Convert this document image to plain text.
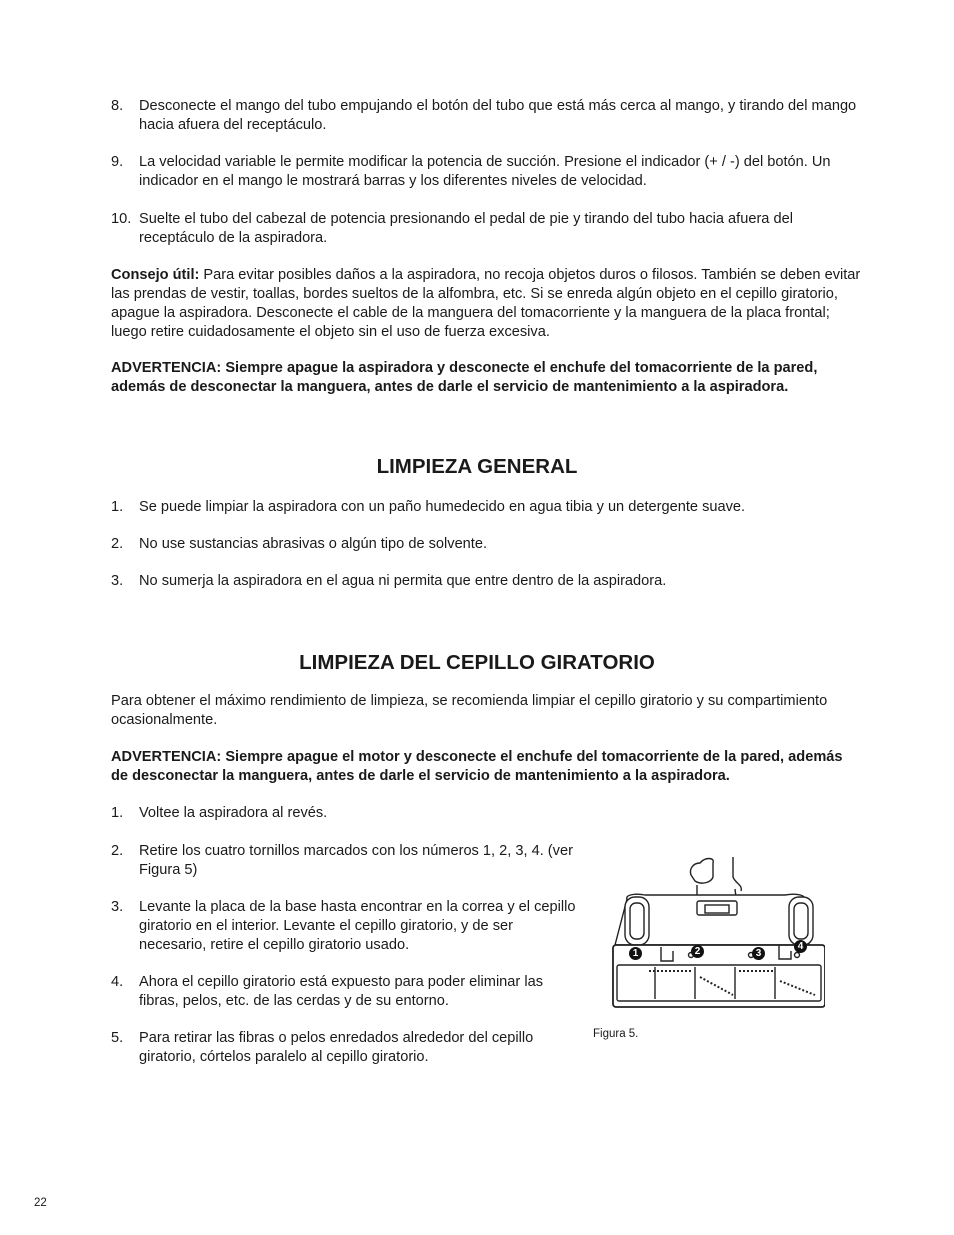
8. Desconecte el mango del tubo empujando el botón del tubo que está más cerca al mango, y tirando del mango hacia afuera del receptáculo.
9. La velocidad variable le permite modificar la potencia de succión. Presione el indicador (+ / -) del botón. Un indicador en el mango le mostrará barras y los diferentes niveles de velocidad.
10. Suelte el tubo del cabezal de potencia presionando el pedal de pie y tirando del tubo hacia afuera del receptáculo de la aspiradora.
Consejo útil: Para evitar posibles daños a la aspiradora, no recoja objetos duros o filosos. También se deben evitar las prendas de vestir, toallas, bordes sueltos de la alfombra, etc. Si se enreda algún objeto en el cepillo giratorio, apague la aspiradora. Desconecte el cable de la manguera del tomacorriente y la manguera de la placa frontal; luego retire cuidadosamente el objeto sin el uso de fuerza excesiva.
ADVERTENCIA: Siempre apague la aspiradora y desconecte el enchufe del tomacorriente de la pared, además de desconectar la manguera, antes de darle el servicio de mantenimiento a la aspiradora.
LIMPIEZA GENERAL
1. Se puede limpiar la aspiradora con un paño humedecido en agua tibia y un detergente suave.
2. No use sustancias abrasivas o algún tipo de solvente.
3. No sumerja la aspiradora en el agua ni permita que entre dentro de la aspiradora.
LIMPIEZA DEL CEPILLO GIRATORIO
Para obtener el máximo rendimiento de limpieza, se recomienda limpiar el cepillo giratorio y su compartimiento ocasionalmente.
ADVERTENCIA: Siempre apague el motor y desconecte el enchufe del tomacorriente de la pared, además de desconectar la manguera, antes de darle el servicio de mantenimiento a la aspiradora.
1. Voltee la aspiradora al revés.
2. Retire los cuatro tornillos marcados con los números 1, 2, 3, 4. (ver Figura 5)
3. Levante la placa de la base hasta encontrar en la correa y el cepillo giratorio en el interior. Levante el cepillo giratorio, y de ser necesario, retire el cepillo giratorio usado.
4. Ahora el cepillo giratorio está expuesto para poder eliminar las fibras, pelos, etc. de las cerdas y de su entorno.
5. Para retirar las fibras o pelos enredados alrededor del cepillo giratorio, córtelos paralelo al cepillo giratorio.
1	2	3
4
Figura 5.
22
